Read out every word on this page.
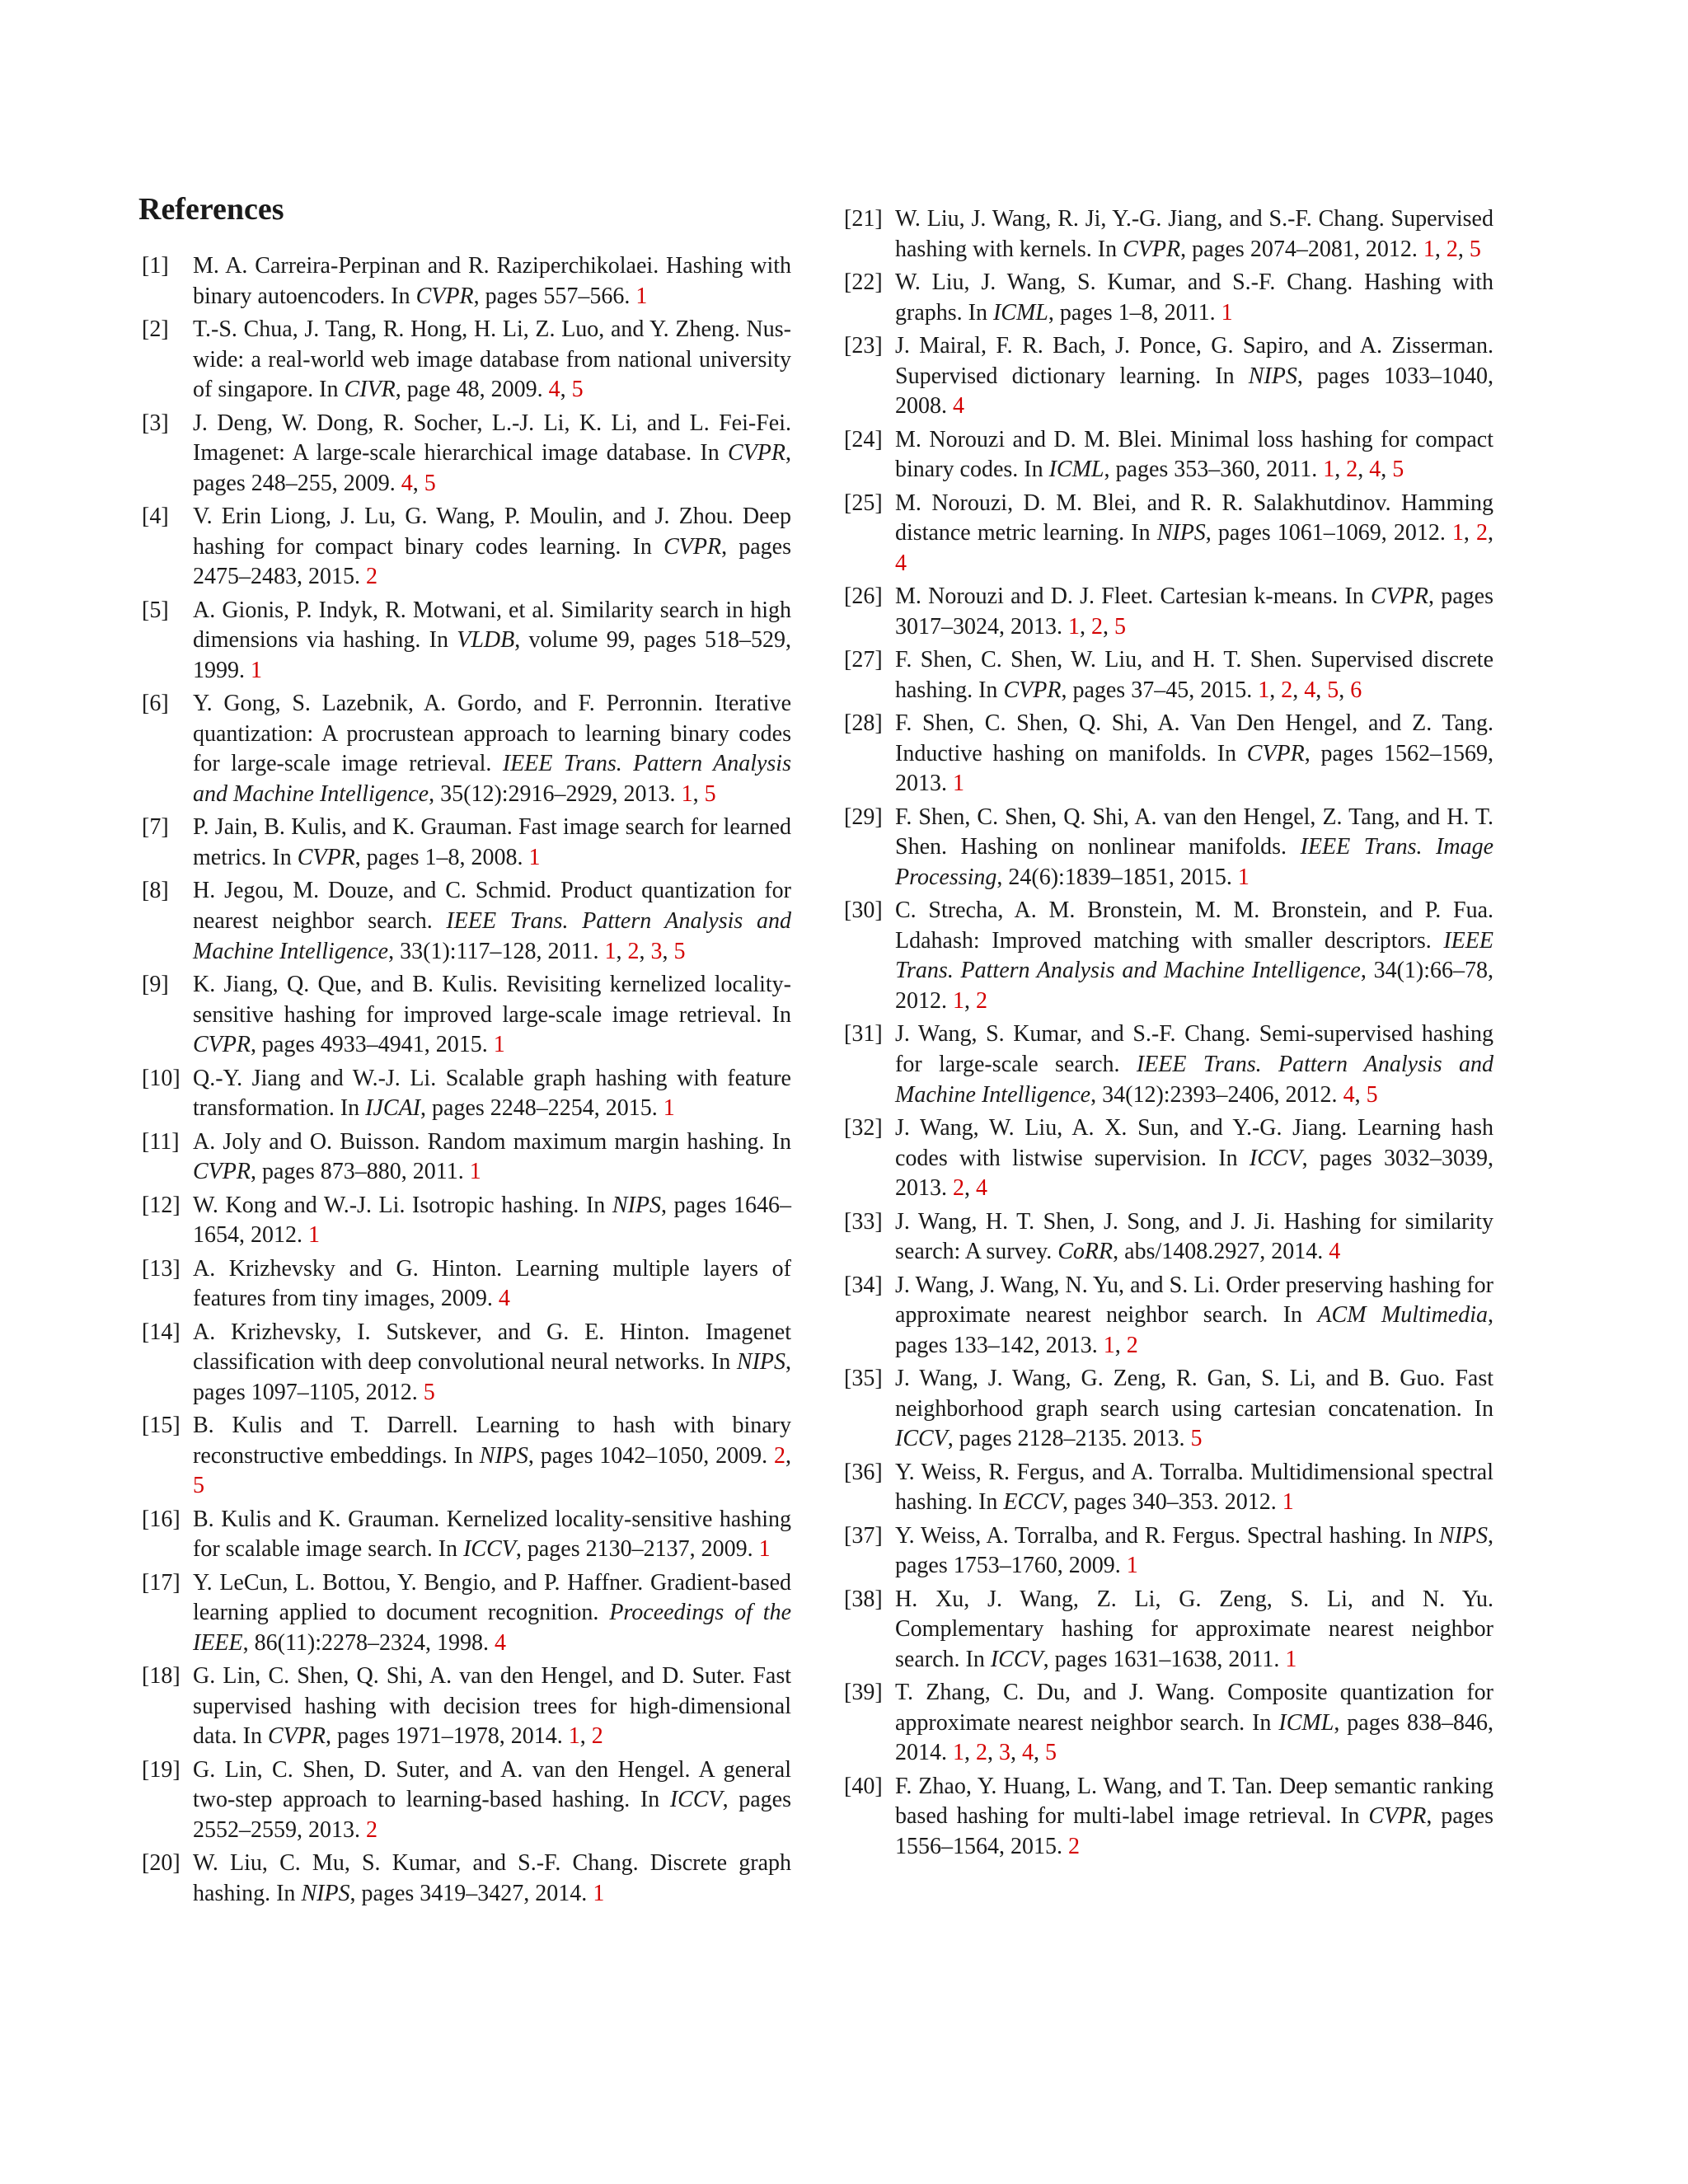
References
[1] M. A. Carreira-Perpinan and R. Raziperchikolaei. Hashing with binary autoencoders. In CVPR, pages 557–566. 1
[2] T.-S. Chua, J. Tang, R. Hong, H. Li, Z. Luo, and Y. Zheng. Nus-wide: a real-world web image database from national university of singapore. In CIVR, page 48, 2009. 4, 5
[3] J. Deng, W. Dong, R. Socher, L.-J. Li, K. Li, and L. Fei-Fei. Imagenet: A large-scale hierarchical image database. In CVPR, pages 248–255, 2009. 4, 5
[4] V. Erin Liong, J. Lu, G. Wang, P. Moulin, and J. Zhou. Deep hashing for compact binary codes learning. In CVPR, pages 2475–2483, 2015. 2
[5] A. Gionis, P. Indyk, R. Motwani, et al. Similarity search in high dimensions via hashing. In VLDB, volume 99, pages 518–529, 1999. 1
[6] Y. Gong, S. Lazebnik, A. Gordo, and F. Perronnin. Iterative quantization: A procrustean approach to learning binary codes for large-scale image retrieval. IEEE Trans. Pattern Analysis and Machine Intelligence, 35(12):2916–2929, 2013. 1, 5
[7] P. Jain, B. Kulis, and K. Grauman. Fast image search for learned metrics. In CVPR, pages 1–8, 2008. 1
[8] H. Jegou, M. Douze, and C. Schmid. Product quantization for nearest neighbor search. IEEE Trans. Pattern Analysis and Machine Intelligence, 33(1):117–128, 2011. 1, 2, 3, 5
[9] K. Jiang, Q. Que, and B. Kulis. Revisiting kernelized locality-sensitive hashing for improved large-scale image retrieval. In CVPR, pages 4933–4941, 2015. 1
[10] Q.-Y. Jiang and W.-J. Li. Scalable graph hashing with feature transformation. In IJCAI, pages 2248–2254, 2015. 1
[11] A. Joly and O. Buisson. Random maximum margin hashing. In CVPR, pages 873–880, 2011. 1
[12] W. Kong and W.-J. Li. Isotropic hashing. In NIPS, pages 1646–1654, 2012. 1
[13] A. Krizhevsky and G. Hinton. Learning multiple layers of features from tiny images, 2009. 4
[14] A. Krizhevsky, I. Sutskever, and G. E. Hinton. Imagenet classification with deep convolutional neural networks. In NIPS, pages 1097–1105, 2012. 5
[15] B. Kulis and T. Darrell. Learning to hash with binary reconstructive embeddings. In NIPS, pages 1042–1050, 2009. 2, 5
[16] B. Kulis and K. Grauman. Kernelized locality-sensitive hashing for scalable image search. In ICCV, pages 2130–2137, 2009. 1
[17] Y. LeCun, L. Bottou, Y. Bengio, and P. Haffner. Gradient-based learning applied to document recognition. Proceedings of the IEEE, 86(11):2278–2324, 1998. 4
[18] G. Lin, C. Shen, Q. Shi, A. van den Hengel, and D. Suter. Fast supervised hashing with decision trees for high-dimensional data. In CVPR, pages 1971–1978, 2014. 1, 2
[19] G. Lin, C. Shen, D. Suter, and A. van den Hengel. A general two-step approach to learning-based hashing. In ICCV, pages 2552–2559, 2013. 2
[20] W. Liu, C. Mu, S. Kumar, and S.-F. Chang. Discrete graph hashing. In NIPS, pages 3419–3427, 2014. 1
[21] W. Liu, J. Wang, R. Ji, Y.-G. Jiang, and S.-F. Chang. Supervised hashing with kernels. In CVPR, pages 2074–2081, 2012. 1, 2, 5
[22] W. Liu, J. Wang, S. Kumar, and S.-F. Chang. Hashing with graphs. In ICML, pages 1–8, 2011. 1
[23] J. Mairal, F. R. Bach, J. Ponce, G. Sapiro, and A. Zisserman. Supervised dictionary learning. In NIPS, pages 1033–1040, 2008. 4
[24] M. Norouzi and D. M. Blei. Minimal loss hashing for compact binary codes. In ICML, pages 353–360, 2011. 1, 2, 4, 5
[25] M. Norouzi, D. M. Blei, and R. R. Salakhutdinov. Hamming distance metric learning. In NIPS, pages 1061–1069, 2012. 1, 2, 4
[26] M. Norouzi and D. J. Fleet. Cartesian k-means. In CVPR, pages 3017–3024, 2013. 1, 2, 5
[27] F. Shen, C. Shen, W. Liu, and H. T. Shen. Supervised discrete hashing. In CVPR, pages 37–45, 2015. 1, 2, 4, 5, 6
[28] F. Shen, C. Shen, Q. Shi, A. Van Den Hengel, and Z. Tang. Inductive hashing on manifolds. In CVPR, pages 1562–1569, 2013. 1
[29] F. Shen, C. Shen, Q. Shi, A. van den Hengel, Z. Tang, and H. T. Shen. Hashing on nonlinear manifolds. IEEE Trans. Image Processing, 24(6):1839–1851, 2015. 1
[30] C. Strecha, A. M. Bronstein, M. M. Bronstein, and P. Fua. Ldahash: Improved matching with smaller descriptors. IEEE Trans. Pattern Analysis and Machine Intelligence, 34(1):66–78, 2012. 1, 2
[31] J. Wang, S. Kumar, and S.-F. Chang. Semi-supervised hashing for large-scale search. IEEE Trans. Pattern Analysis and Machine Intelligence, 34(12):2393–2406, 2012. 4, 5
[32] J. Wang, W. Liu, A. X. Sun, and Y.-G. Jiang. Learning hash codes with listwise supervision. In ICCV, pages 3032–3039, 2013. 2, 4
[33] J. Wang, H. T. Shen, J. Song, and J. Ji. Hashing for similarity search: A survey. CoRR, abs/1408.2927, 2014. 4
[34] J. Wang, J. Wang, N. Yu, and S. Li. Order preserving hashing for approximate nearest neighbor search. In ACM Multimedia, pages 133–142, 2013. 1, 2
[35] J. Wang, J. Wang, G. Zeng, R. Gan, S. Li, and B. Guo. Fast neighborhood graph search using cartesian concatenation. In ICCV, pages 2128–2135. 2013. 5
[36] Y. Weiss, R. Fergus, and A. Torralba. Multidimensional spectral hashing. In ECCV, pages 340–353. 2012. 1
[37] Y. Weiss, A. Torralba, and R. Fergus. Spectral hashing. In NIPS, pages 1753–1760, 2009. 1
[38] H. Xu, J. Wang, Z. Li, G. Zeng, S. Li, and N. Yu. Complementary hashing for approximate nearest neighbor search. In ICCV, pages 1631–1638, 2011. 1
[39] T. Zhang, C. Du, and J. Wang. Composite quantization for approximate nearest neighbor search. In ICML, pages 838–846, 2014. 1, 2, 3, 4, 5
[40] F. Zhao, Y. Huang, L. Wang, and T. Tan. Deep semantic ranking based hashing for multi-label image retrieval. In CVPR, pages 1556–1564, 2015. 2
